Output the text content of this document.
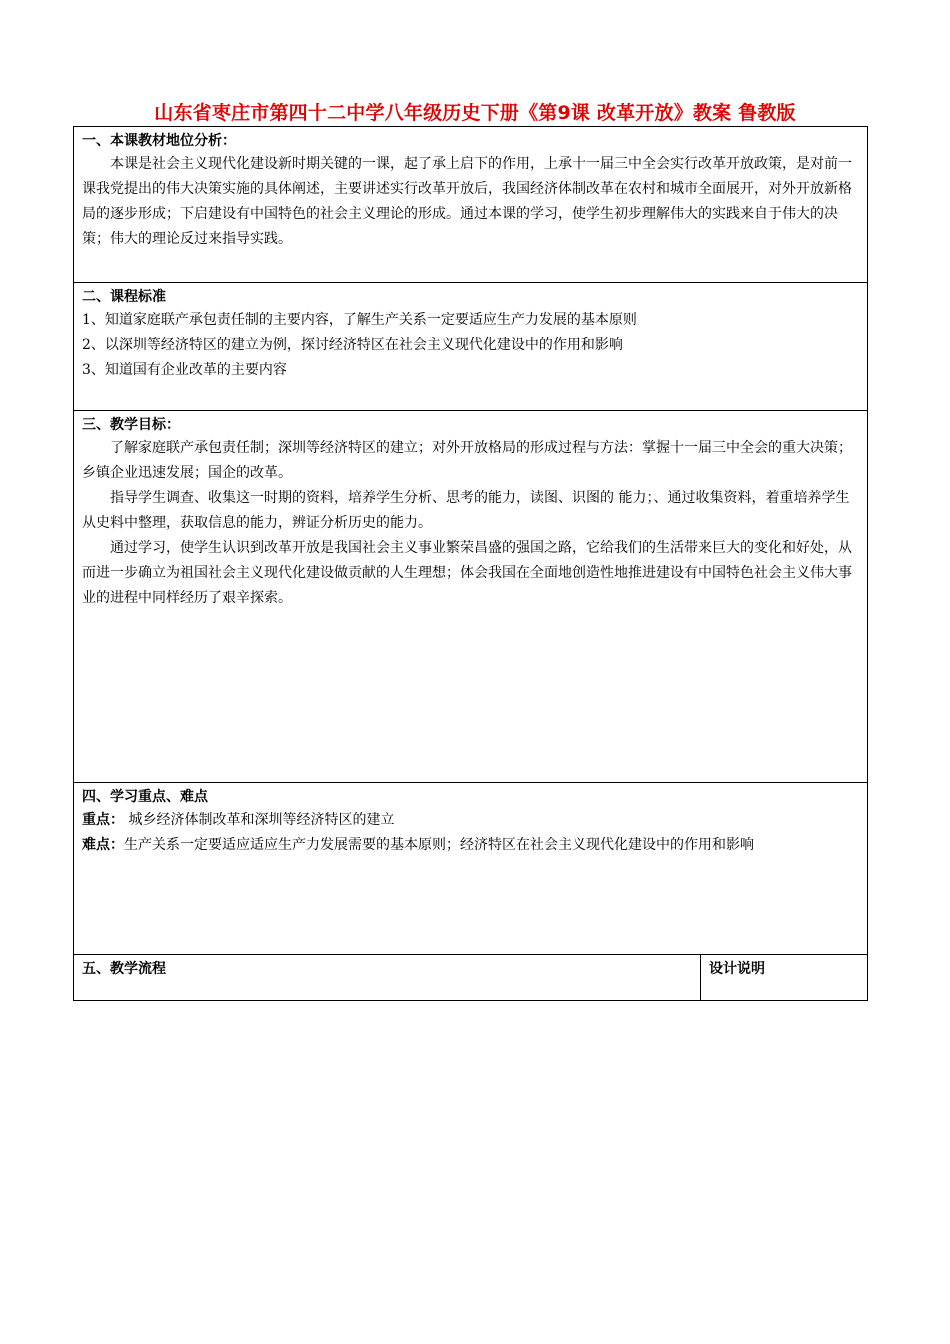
山东省枣庄市第四十二中学八年级历史下册《第9课 改革开放》教案 鲁教版
一、本课教材地位分析：

本课是社会主义现代化建设新时期关键的一课，起了承上启下的作用，上承十一届三中全会实行改革开放政策，是对前一课我党提出的伟大决策实施的具体阐述，主要讲述实行改革开放后，我国经济体制改革在农村和城市全面展开，对外开放新格局的逐步形成；下启建设有中国特色的社会主义理论的形成。通过本课的学习，使学生初步理解伟大的实践来自于伟大的决策；伟大的理论反过来指导实践。

二、课程标准

1、知道家庭联产承包责任制的主要内容，了解生产关系一定要适应生产力发展的基本原则

2、以深圳等经济特区的建立为例，探讨经济特区在社会主义现代化建设中的作用和影响

3、知道国有企业改革的主要内容

三、教学目标：

了解家庭联产承包责任制；深圳等经济特区的建立；对外开放格局的形成过程与方法：掌握十一届三中全会的重大决策；乡镇企业迅速发展；国企的改革。

指导学生调查、收集这一时期的资料，培养学生分析、思考的能力，读图、识图的 能力；、通过收集资料，着重培养学生从史料中整理，获取信息的能力，辨证分析历史的能力。

通过学习，使学生认识到改革开放是我国社会主义事业繁荣昌盛的强国之路，它给我们的生活带来巨大的变化和好处，从而进一步确立为祖国社会主义现代化建设做贡献的人生理想；体会我国在全面地创造性地推进建设有中国特色社会主义伟大事业的进程中同样经历了艰辛探索。

四、学习重点、难点

重点： 城乡经济体制改革和深圳等经济特区的建立

难点：生产关系一定要适应适应生产力发展需要的基本原则；经济特区在社会主义现代化建设中的作用和影响

五、教学流程	设计说明
